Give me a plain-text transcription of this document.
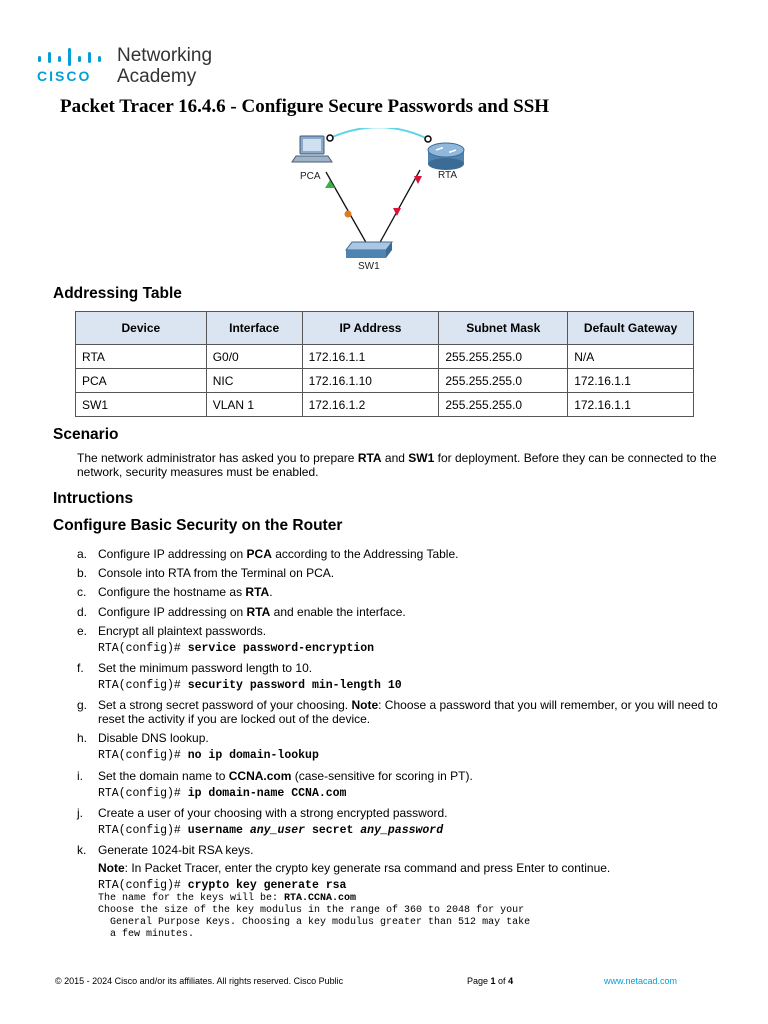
CISCO
Networking
Academy
Packet Tracer 16.4.6 - Configure Secure Passwords and SSH
PCA	RTA
SW1
Addressing Table
Device	Interface	IP Address	Subnet Mask	Default Gateway
RTA	G0/0	172.16.1.1	255.255.255.0	N/A
PCA	NIC	172.16.1.10	255.255.255.0	172.16.1.1
SW1	VLAN 1	172.16.1.2	255.255.255.0	172.16.1.1
Scenario
The network administrator has asked you to prepare RTA and SW1 for deployment. Before they can be connected to the network, security measures must be enabled.
Intructions
Configure Basic Security on the Router
a. Configure IP addressing on PCA according to the Addressing Table.
b. Console into RTA from the Terminal on PCA.
c. Configure the hostname as RTA.
d. Configure IP addressing on RTA and enable the interface.
e. Encrypt all plaintext passwords.
RTA(config)# service password-encryption
f. Set the minimum password length to 10.
RTA(config)# security password min-length 10
g. Set a strong secret password of your choosing. Note: Choose a password that you will remember, or you will need to reset the activity if you are locked out of the device.
h. Disable DNS lookup.
RTA(config)# no ip domain-lookup
i. Set the domain name to CCNA.com (case-sensitive for scoring in PT).
RTA(config)# ip domain-name CCNA.com
j. Create a user of your choosing with a strong encrypted password.
RTA(config)# username any_user secret any_password
k. Generate 1024-bit RSA keys.
Note: In Packet Tracer, enter the crypto key generate rsa command and press Enter to continue.
RTA(config)# crypto key generate rsa
The name for the keys will be: RTA.CCNA.com
Choose the size of the key modulus in the range of 360 to 2048 for your
General Purpose Keys. Choosing a key modulus greater than 512 may take
a few minutes.
© 2015 - 2024 Cisco and/or its affiliates. All rights reserved. Cisco Public	Page 1 of 4	www.netacad.com
